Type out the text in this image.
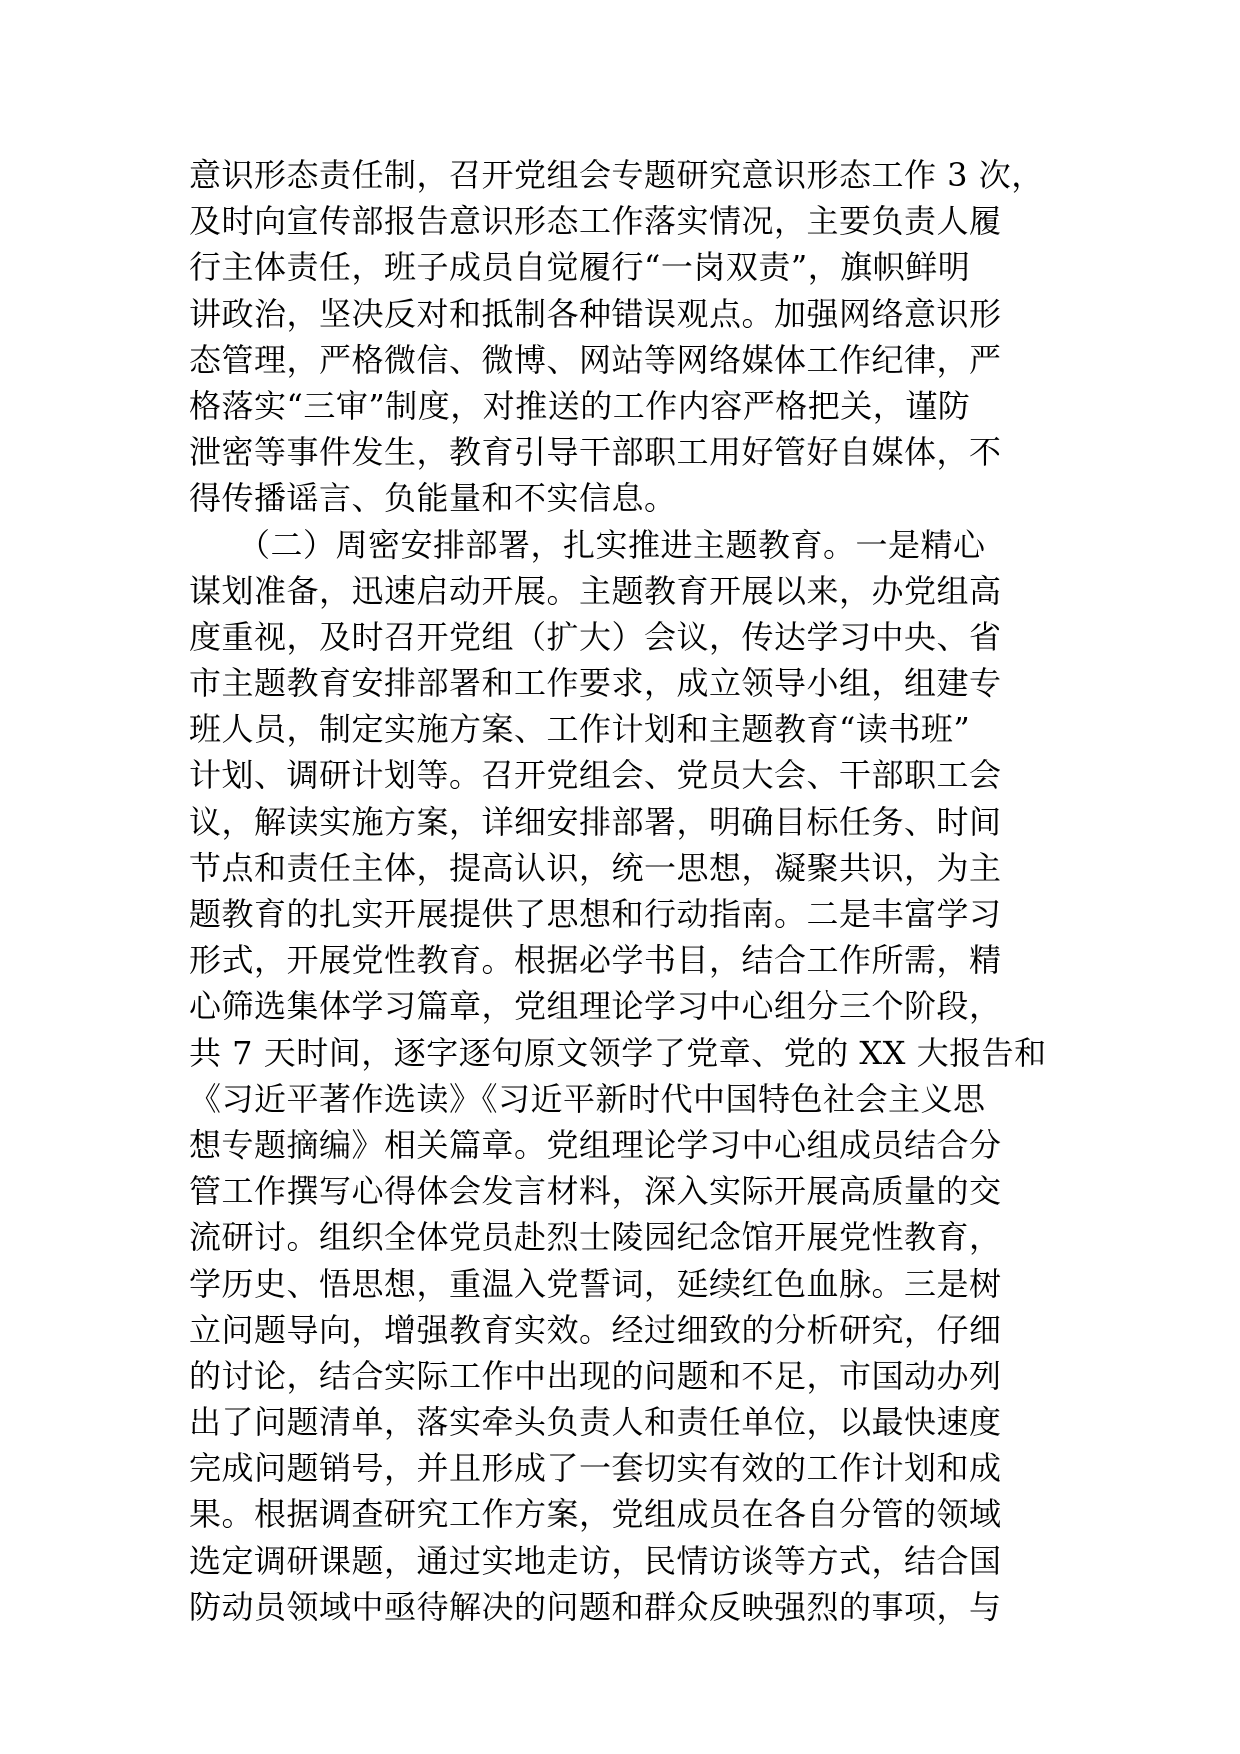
意识形态责任制，召开党组会专题研究意识形态工作 3 次，
及时向宣传部报告意识形态工作落实情况，主要负责人履
行主体责任，班子成员自觉履行“一岗双责”，旗帜鲜明
讲政治，坚决反对和抵制各种错误观点。加强网络意识形
态管理，严格微信、微博、网站等网络媒体工作纪律，严
格落实“三审”制度，对推送的工作内容严格把关，谨防
泄密等事件发生，教育引导干部职工用好管好自媒体，不
得传播谣言、负能量和不实信息。
　　（二）周密安排部署，扎实推进主题教育。一是精心
谋划准备，迅速启动开展。主题教育开展以来，办党组高
度重视，及时召开党组（扩大）会议，传达学习中央、省
市主题教育安排部署和工作要求，成立领导小组，组建专
班人员，制定实施方案、工作计划和主题教育“读书班”
计划、调研计划等。召开党组会、党员大会、干部职工会
议，解读实施方案，详细安排部署，明确目标任务、时间
节点和责任主体，提高认识，统一思想，凝聚共识，为主
题教育的扎实开展提供了思想和行动指南。二是丰富学习
形式，开展党性教育。根据必学书目，结合工作所需，精
心筛选集体学习篇章，党组理论学习中心组分三个阶段，
共 7 天时间，逐字逐句原文领学了党章、党的 XX 大报告和
《习近平著作选读》《习近平新时代中国特色社会主义思
想专题摘编》相关篇章。党组理论学习中心组成员结合分
管工作撰写心得体会发言材料，深入实际开展高质量的交
流研讨。组织全体党员赴烈士陵园纪念馆开展党性教育，
学历史、悟思想，重温入党誓词，延续红色血脉。三是树
立问题导向，增强教育实效。经过细致的分析研究，仔细
的讨论，结合实际工作中出现的问题和不足，市国动办列
出了问题清单，落实牵头负责人和责任单位，以最快速度
完成问题销号，并且形成了一套切实有效的工作计划和成
果。根据调查研究工作方案，党组成员在各自分管的领域
选定调研课题，通过实地走访，民情访谈等方式，结合国
防动员领域中亟待解决的问题和群众反映强烈的事项，与
